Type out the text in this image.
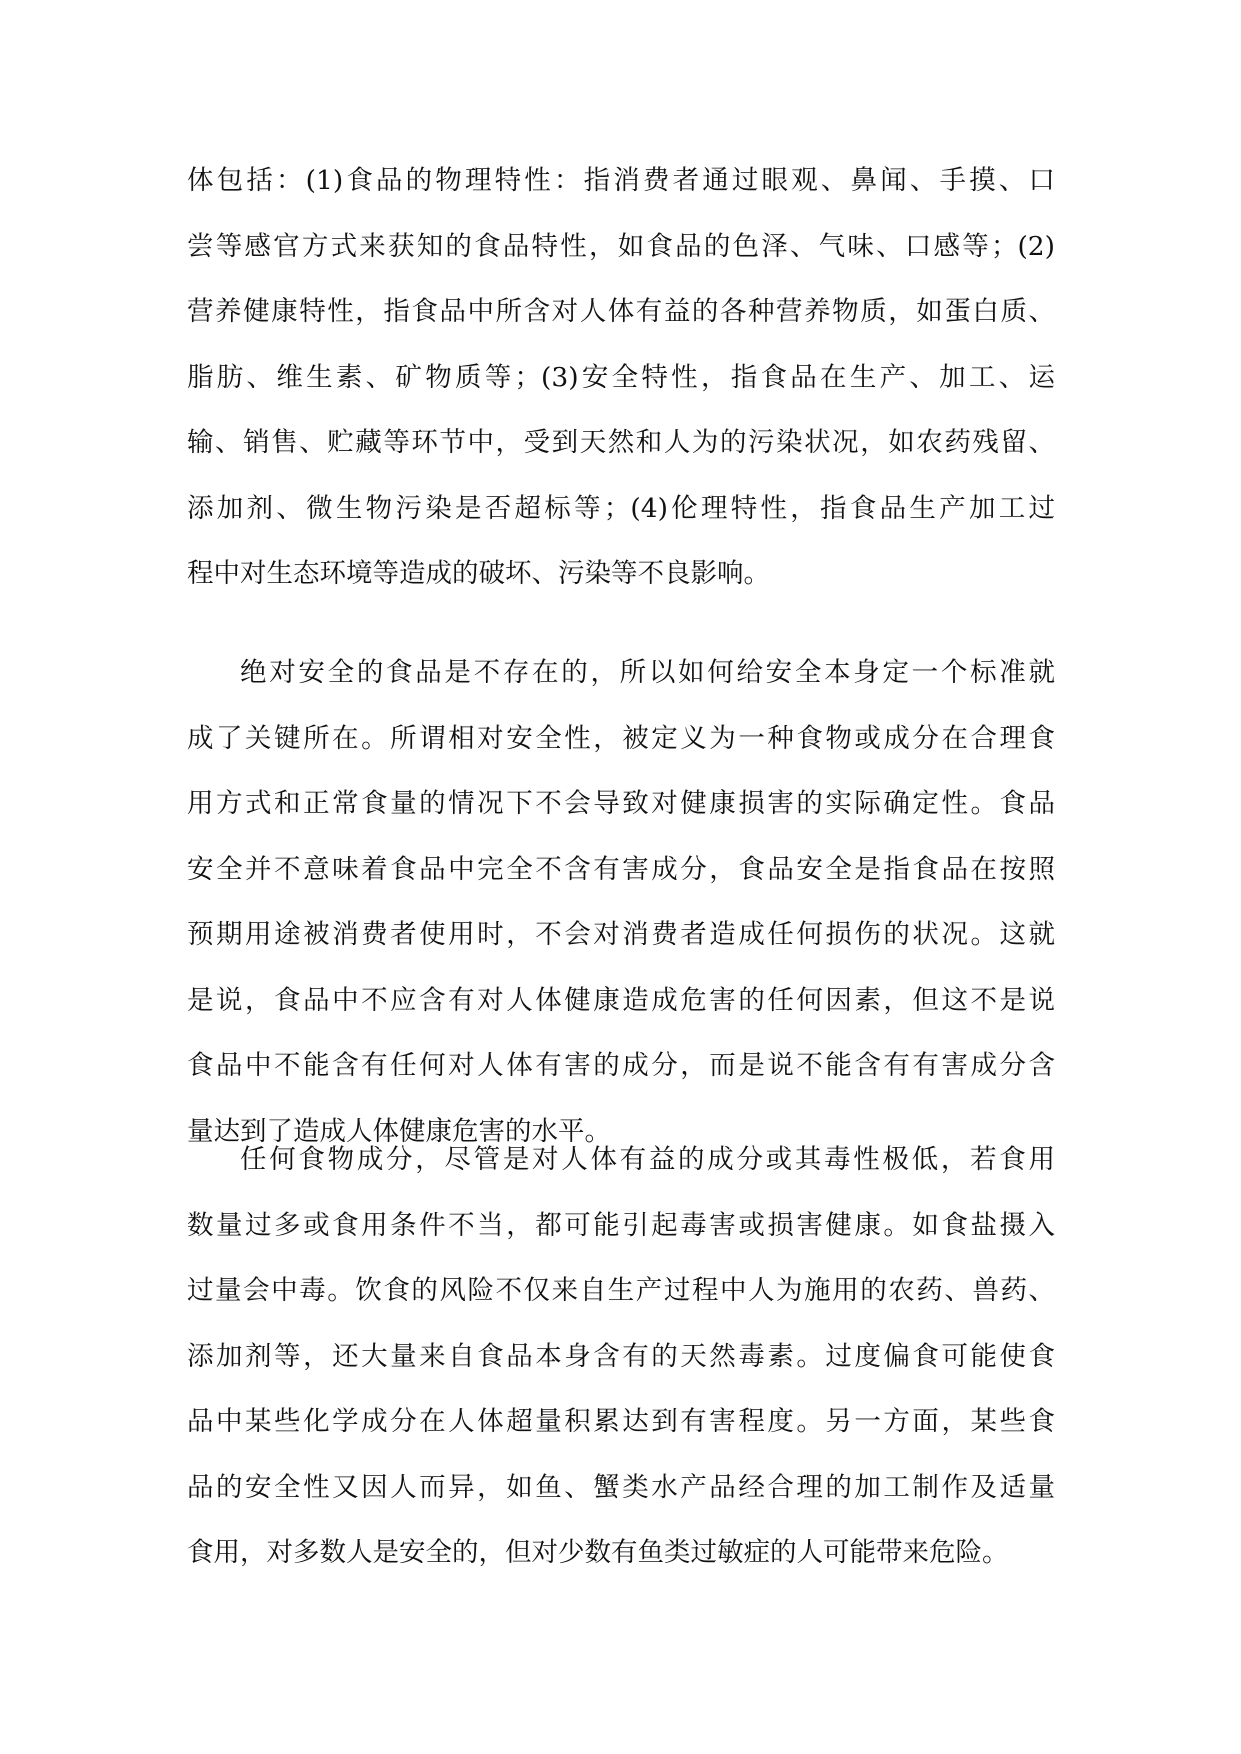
体包括：(1)食品的物理特性：指消费者通过眼观、鼻闻、手摸、口
尝等感官方式来获知的食品特性，如食品的色泽、气味、口感等；(2)
营养健康特性，指食品中所含对人体有益的各种营养物质，如蛋白质、
脂肪、维生素、矿物质等；(3)安全特性，指食品在生产、加工、运
输、销售、贮藏等环节中，受到天然和人为的污染状况，如农药残留、
添加剂、微生物污染是否超标等；(4)伦理特性，指食品生产加工过
程中对生态环境等造成的破坏、污染等不良影响。
绝对安全的食品是不存在的，所以如何给安全本身定一个标准就
成了关键所在。所谓相对安全性，被定义为一种食物或成分在合理食
用方式和正常食量的情况下不会导致对健康损害的实际确定性。食品
安全并不意味着食品中完全不含有害成分，食品安全是指食品在按照
预期用途被消费者使用时，不会对消费者造成任何损伤的状况。这就
是说，食品中不应含有对人体健康造成危害的任何因素，但这不是说
食品中不能含有任何对人体有害的成分，而是说不能含有有害成分含
量达到了造成人体健康危害的水平。
任何食物成分，尽管是对人体有益的成分或其毒性极低，若食用
数量过多或食用条件不当，都可能引起毒害或损害健康。如食盐摄入
过量会中毒。饮食的风险不仅来自生产过程中人为施用的农药、兽药、
添加剂等，还大量来自食品本身含有的天然毒素。过度偏食可能使食
品中某些化学成分在人体超量积累达到有害程度。另一方面，某些食
品的安全性又因人而异，如鱼、蟹类水产品经合理的加工制作及适量
食用，对多数人是安全的，但对少数有鱼类过敏症的人可能带来危险。
